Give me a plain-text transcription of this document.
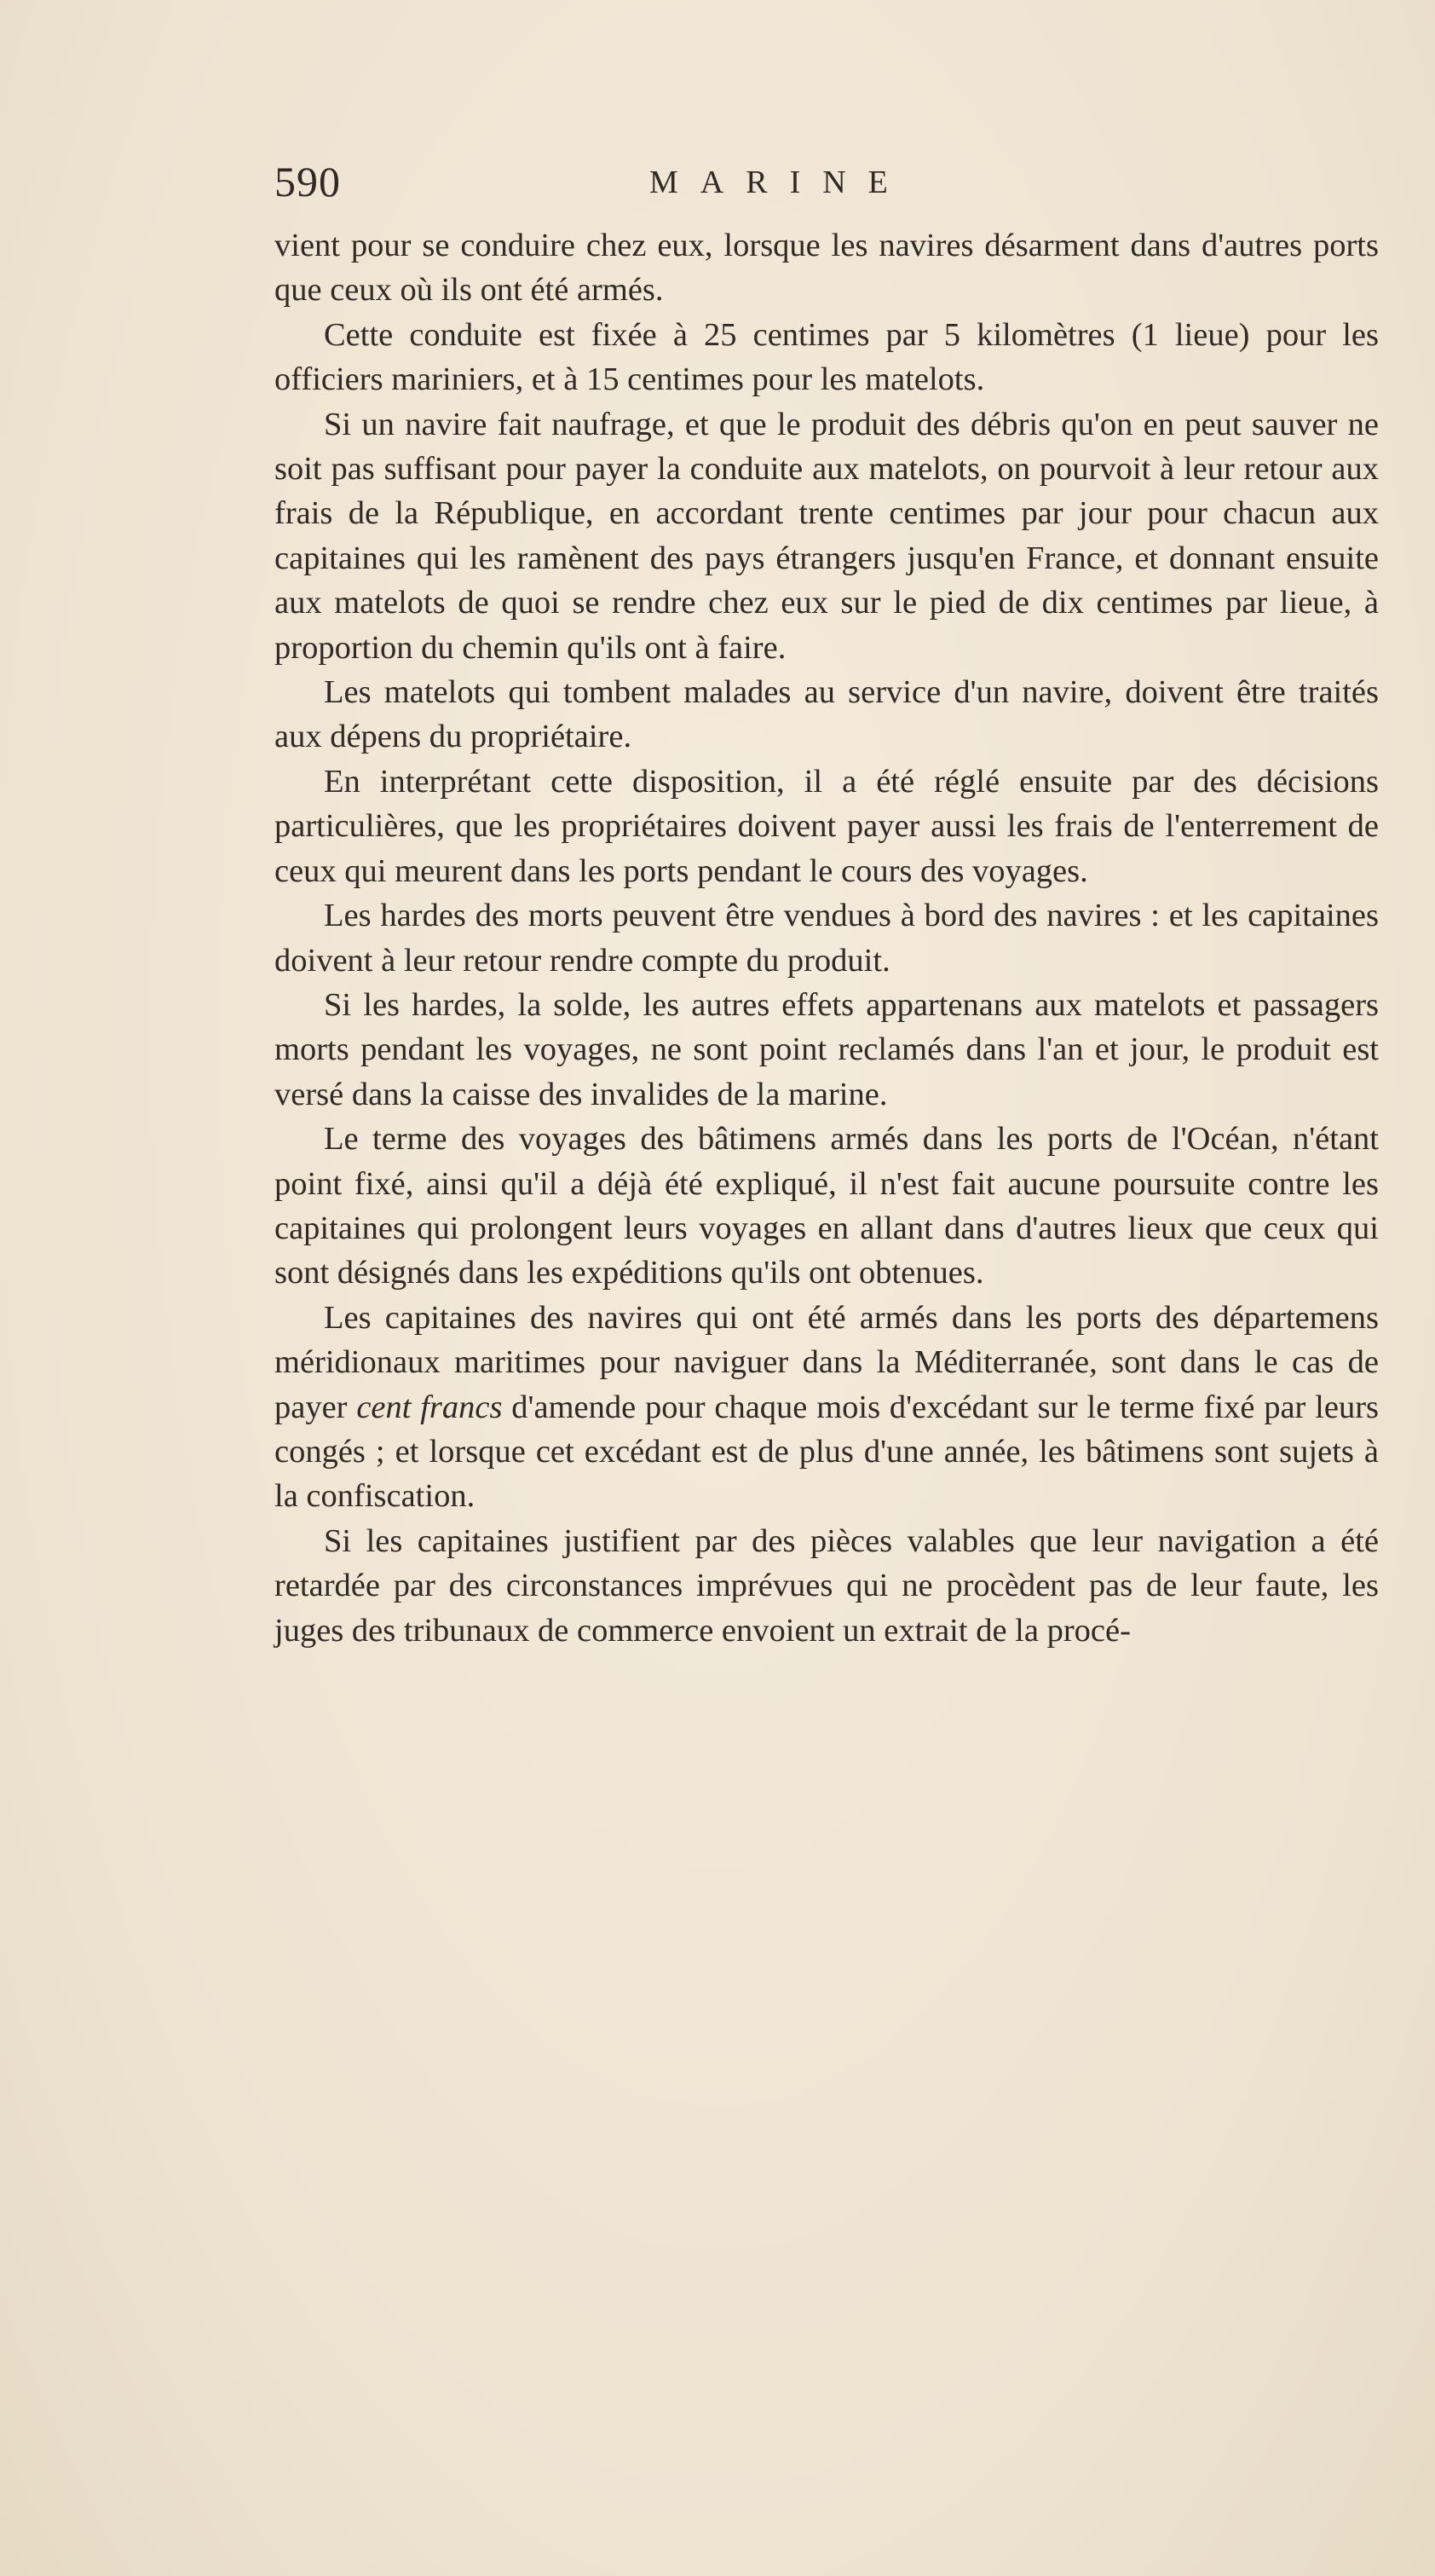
590	MARINE

vient pour se conduire chez eux, lorsque les navires désarment dans d'autres ports que ceux où ils ont été armés.

Cette conduite est fixée à 25 centimes par 5 kilomètres (1 lieue) pour les officiers mariniers, et à 15 centimes pour les matelots.

Si un navire fait naufrage, et que le produit des débris qu'on en peut sauver ne soit pas suffisant pour payer la conduite aux matelots, on pourvoit à leur retour aux frais de la République, en accordant trente centimes par jour pour chacun aux capitaines qui les ramènent des pays étrangers jusqu'en France, et donnant ensuite aux matelots de quoi se rendre chez eux sur le pied de dix centimes par lieue, à proportion du chemin qu'ils ont à faire.

Les matelots qui tombent malades au service d'un navire, doivent être traités aux dépens du propriétaire.

En interprétant cette disposition, il a été réglé ensuite par des décisions particulières, que les propriétaires doivent payer aussi les frais de l'enterrement de ceux qui meurent dans les ports pendant le cours des voyages.

Les hardes des morts peuvent être vendues à bord des navires : et les capitaines doivent à leur retour rendre compte du produit.

Si les hardes, la solde, les autres effets appartenans aux matelots et passagers morts pendant les voyages, ne sont point reclamés dans l'an et jour, le produit est versé dans la caisse des invalides de la marine.

Le terme des voyages des bâtimens armés dans les ports de l'Océan, n'étant point fixé, ainsi qu'il a déjà été expliqué, il n'est fait aucune poursuite contre les capitaines qui prolongent leurs voyages en allant dans d'autres lieux que ceux qui sont désignés dans les expéditions qu'ils ont obtenues.

Les capitaines des navires qui ont été armés dans les ports des départemens méridionaux maritimes pour naviguer dans la Méditerranée, sont dans le cas de payer cent francs d'amende pour chaque mois d'excédant sur le terme fixé par leurs congés ; et lorsque cet excédant est de plus d'une année, les bâtimens sont sujets à la confiscation.

Si les capitaines justifient par des pièces valables que leur navigation a été retardée par des circonstances imprévues qui ne procèdent pas de leur faute, les juges des tribunaux de commerce envoient un extrait de la procé-
